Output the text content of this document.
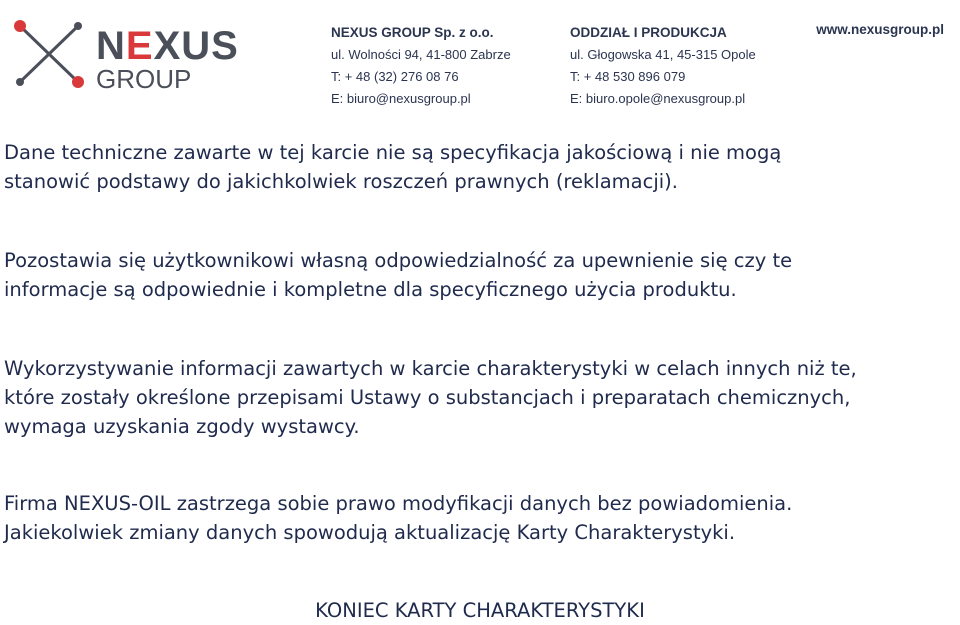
NEXUS
GROUP
NEXUS GROUP Sp. z o.o.
ul. Wolności 94, 41-800 Zabrze
T: + 48 (32) 276 08 76
E: biuro@nexusgroup.pl
ODDZIAŁ I PRODUKCJA
ul. Głogowska 41, 45-315 Opole
T: + 48 530 896 079
E: biuro.opole@nexusgroup.pl
www.nexusgroup.pl

Dane techniczne zawarte w tej karcie nie są specyfikacja jakościową i nie mogą
stanowić podstawy do jakichkolwiek roszczeń prawnych (reklamacji).

Pozostawia się użytkownikowi własną odpowiedzialność za upewnienie się czy te
informacje są odpowiednie i kompletne dla specyficznego użycia produktu.

Wykorzystywanie informacji zawartych w karcie charakterystyki w celach innych niż te,
które zostały określone przepisami Ustawy o substancjach i preparatach chemicznych,
wymaga uzyskania zgody wystawcy.

Firma NEXUS-OIL zastrzega sobie prawo modyfikacji danych bez powiadomienia.
Jakiekolwiek zmiany danych spowodują aktualizację Karty Charakterystyki.

KONIEC KARTY CHARAKTERYSTYKI
